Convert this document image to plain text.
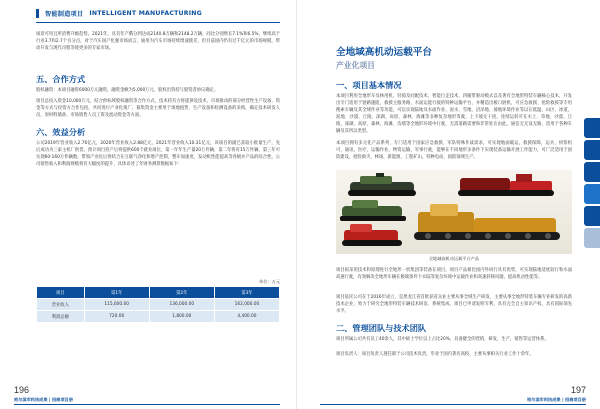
智能制造项目 INTELLIGENT MANUFACTURING

场景可用且所消费升级趋势。2021年，具有年产俄分到达成2140.8万辆和2148.2万辆，同比分别增长7.1%和6.5%，继续高于行业3.7和2.7个百分点，对于汽车国产化强市场而言，通用为汽车市场持续增速使差，但目前国内仍有过千亿元的市场规模，带动开发与现代司程等使更多的专家市场。

五、合作方式

股权融资：本项目融资6000万元融资，融资金额为5,000万元，股权出资持与股资者协议确定。

项目总投入资金10,000万元，结合供标域股权融资等合作方式，技术持有方将提供设技术、市场推动的部分经营性生产设备，资金等方式与投资方合作包括，共同进行产业化推广，募集资金主要用于场地租赁、生产设备和检测设备的采购，确定技术研发人员，原材料储备、市场销售人员工资及流动资金等方面。

六、效益分析

公司2019年营业收入2.76亿元，2020年营业收入2.88亿元，2021年营业收入10.31亿元，该项目的副已获较小批量生产，先后成功为三家主机厂供货，预计项目投产后将提供600个就业岗位，第一年年生产量20万件辆，第二年将有15万件辆，第三年可实现60-160万件辆数，带领产业化后将结合在互联气净化和增产控制，整车加速度，发动机性能提高等各级并产品的综合性，公司销售收入和利润规模将有大幅度的提升，具体详述了年财务测算数据如下：

单位：万元
项目	第1年	第2年	第3年
营业收入	115,000.00	136,000.00	162,000.00
利润总额	720.00	1,800.00	4,400.00
196
哈尔滨市科技成果 | 招商项目册
全地域高机动运载平台
产业化项目
一、项目基本情况

本项目利用全地形车及林用机、轻骑及同配技术，智能行走技术、四履带驱动模式以及著有全地形特装车辆核心技术，开发出专门适用于链路施阻、救援主服务路、水面运能行驶的特种运输平台，并精造出板口链机，可应急救援、抢险救援等专用搜索车辆及其全域作业等功能，可以实现陆地及水面作业、泥水、雪地、沼泽地、坡地环境作业等以在低温、山区、冰道、泥地、沙漠、丘陵、深湖、高原、森林、海滩等多种复杂地形驾驶，上下坡无干扰，连续运转可在水上、草地、沙漠、丘陵、深湖、高原、森林、海滩、沟墙等全地形环境中行驶，无需道路需要和非常处在由此，通信无无设无路，适用于各种车辆及其所以类型。

本项目拥有多元化产品系列，专门适用于国家应急救援，军队特殊作战需求，可实现地面载运，救援保障，运兵，侦察机可，通讯，医疗，运输作业，物资运输，军事行驶，能够在不同地形多条件下实现装备运输开展工作能力，可广泛适用于国防建设，抢险救灾，林场，新能源，工程矿山，特种电站，国防领域生产。

全地域高机动运载平台产品

项目拟采用技术和原理进行全地形一机集团等装备在项目，项目产品相比国内外同行具有优势，可实现陆地适度较行和水面高速行驶，有效解决全地形车辆在极端条件下水陆等复杂环境中运载作业和高速转移问题，提高机动性能等。

项目依托公司在于2016年成立，是黑龙江省首批获省众业主要从事全域生产研发、主要从事全地形特装车辆专业研发的高新技术企业，致力于研究全地形特装车辆技术研发、系统集成，项目已申请发明专利，具有完全自主知识产权，具有国际领先水平。

二、管理团队与技术团队

项目所属公司共有员工40余人，其中硕士学位以上占比20%，具备健全的营销，研发，生产，销售等运营体系。

项目负责人：项目负责人现任职于公司技术负责，毕业于国内著名高校，主要从事相关行业工作十余年。

197
哈尔滨市科技成果 | 招商项目册
